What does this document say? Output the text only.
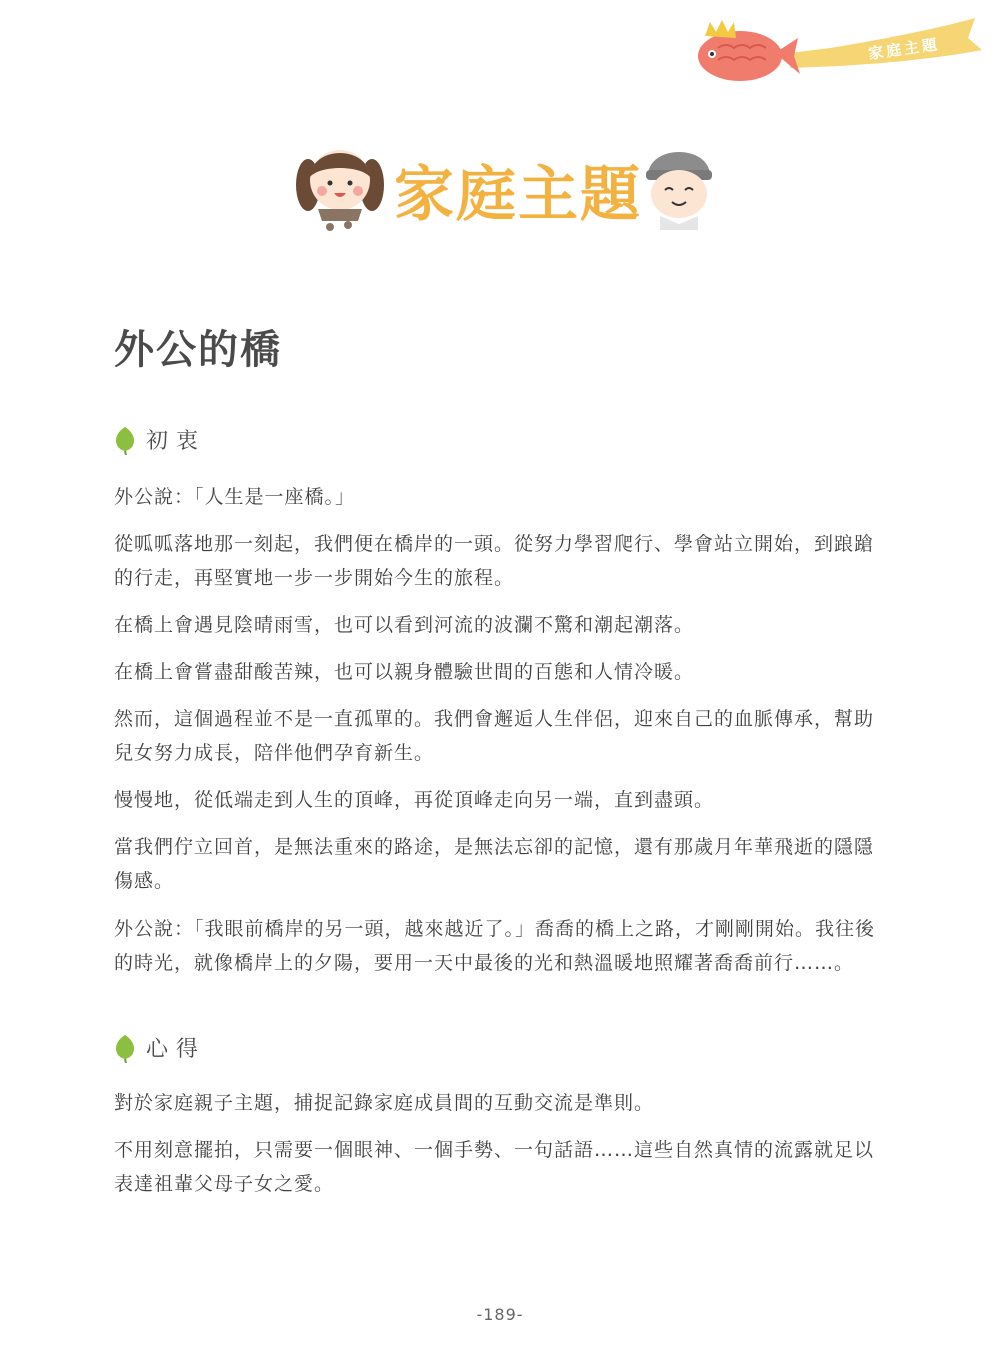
家庭主題
家庭主題
外公的橋
初衷

外公說：「人生是一座橋。」

從呱呱落地那一刻起，我們便在橋岸的一頭。從努力學習爬行、學會站立開始，到踉蹌的行走，再堅實地一步一步開始今生的旅程。

在橋上會遇見陰晴雨雪，也可以看到河流的波瀾不驚和潮起潮落。

在橋上會嘗盡甜酸苦辣，也可以親身體驗世間的百態和人情冷暖。

然而，這個過程並不是一直孤單的。我們會邂逅人生伴侶，迎來自己的血脈傳承，幫助兒女努力成長，陪伴他們孕育新生。

慢慢地，從低端走到人生的頂峰，再從頂峰走向另一端，直到盡頭。

當我們佇立回首，是無法重來的路途，是無法忘卻的記憶，還有那歲月年華飛逝的隱隱傷感。

外公說：「我眼前橋岸的另一頭，越來越近了。」喬喬的橋上之路，才剛剛開始。我往後的時光，就像橋岸上的夕陽，要用一天中最後的光和熱溫暖地照耀著喬喬前行……。

心得

對於家庭親子主題，捕捉記錄家庭成員間的互動交流是準則。

不用刻意擺拍，只需要一個眼神、一個手勢、一句話語……這些自然真情的流露就足以表達祖輩父母子女之愛。

-189-
